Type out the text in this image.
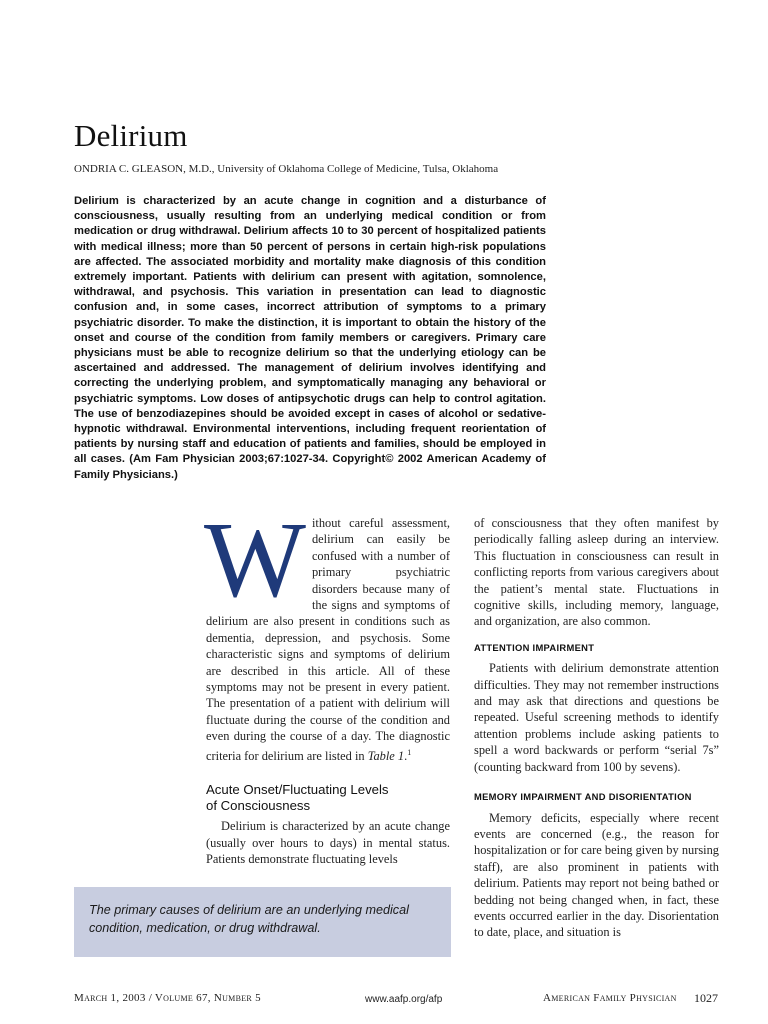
Delirium
ONDRIA C. GLEASON, M.D., University of Oklahoma College of Medicine, Tulsa, Oklahoma

Delirium is characterized by an acute change in cognition and a disturbance of consciousness, usually resulting from an underlying medical condition or from medication or drug withdrawal. Delirium affects 10 to 30 percent of hospitalized patients with medical illness; more than 50 percent of persons in certain high-risk populations are affected. The associated morbidity and mortality make diagnosis of this condition extremely important. Patients with delirium can present with agitation, somnolence, withdrawal, and psychosis. This variation in presentation can lead to diagnostic confusion and, in some cases, incorrect attribution of symptoms to a primary psychiatric disorder. To make the distinction, it is important to obtain the history of the onset and course of the condition from family members or caregivers. Primary care physicians must be able to recognize delirium so that the underlying etiology can be ascertained and addressed. The management of delirium involves identifying and correcting the underlying problem, and symptomatically managing any behavioral or psychiatric symptoms. Low doses of antipsychotic drugs can help to control agitation. The use of benzodiazepines should be avoided except in cases of alcohol or sedative-hypnotic withdrawal. Environmental interventions, including frequent reorientation of patients by nursing staff and education of patients and families, should be employed in all cases. (Am Fam Physician 2003;67:1027-34. Copyright© 2002 American Academy of Family Physicians.)

Without careful assessment, delirium can easily be confused with a number of primary psychiatric disorders because many of the signs and symptoms of delirium are also present in conditions such as dementia, depression, and psychosis. Some characteristic signs and symptoms of delirium are described in this article. All of these symptoms may not be present in every patient. The presentation of a patient with delirium will fluctuate during the course of the condition and even during the course of a day. The diagnostic criteria for delirium are listed in Table 1.$^1$

Acute Onset/Fluctuating Levels
of Consciousness

Delirium is characterized by an acute change (usually over hours to days) in mental status. Patients demonstrate fluctuating levels

of consciousness that they often manifest by periodically falling asleep during an interview. This fluctuation in consciousness can result in conflicting reports from various caregivers about the patient’s mental state. Fluctuations in cognitive skills, including memory, language, and organization, are also common.

ATTENTION IMPAIRMENT

Patients with delirium demonstrate attention difficulties. They may not remember instructions and may ask that directions and questions be repeated. Useful screening methods to identify attention problems include asking patients to spell a word backwards or perform “serial 7s” (counting backward from 100 by sevens).

MEMORY IMPAIRMENT AND DISORIENTATION

Memory deficits, especially where recent events are concerned (e.g., the reason for hospitalization or for care being given by nursing staff), are also prominent in patients with delirium. Patients may report not being bathed or bedding not being changed when, in fact, these events occurred earlier in the day. Disorientation to date, place, and situation is

The primary causes of delirium are an underlying medical condition, medication, or drug withdrawal.
March 1, 2003 / Volume 67, Number 5	www.aafp.org/afp	American Family Physician 1027
